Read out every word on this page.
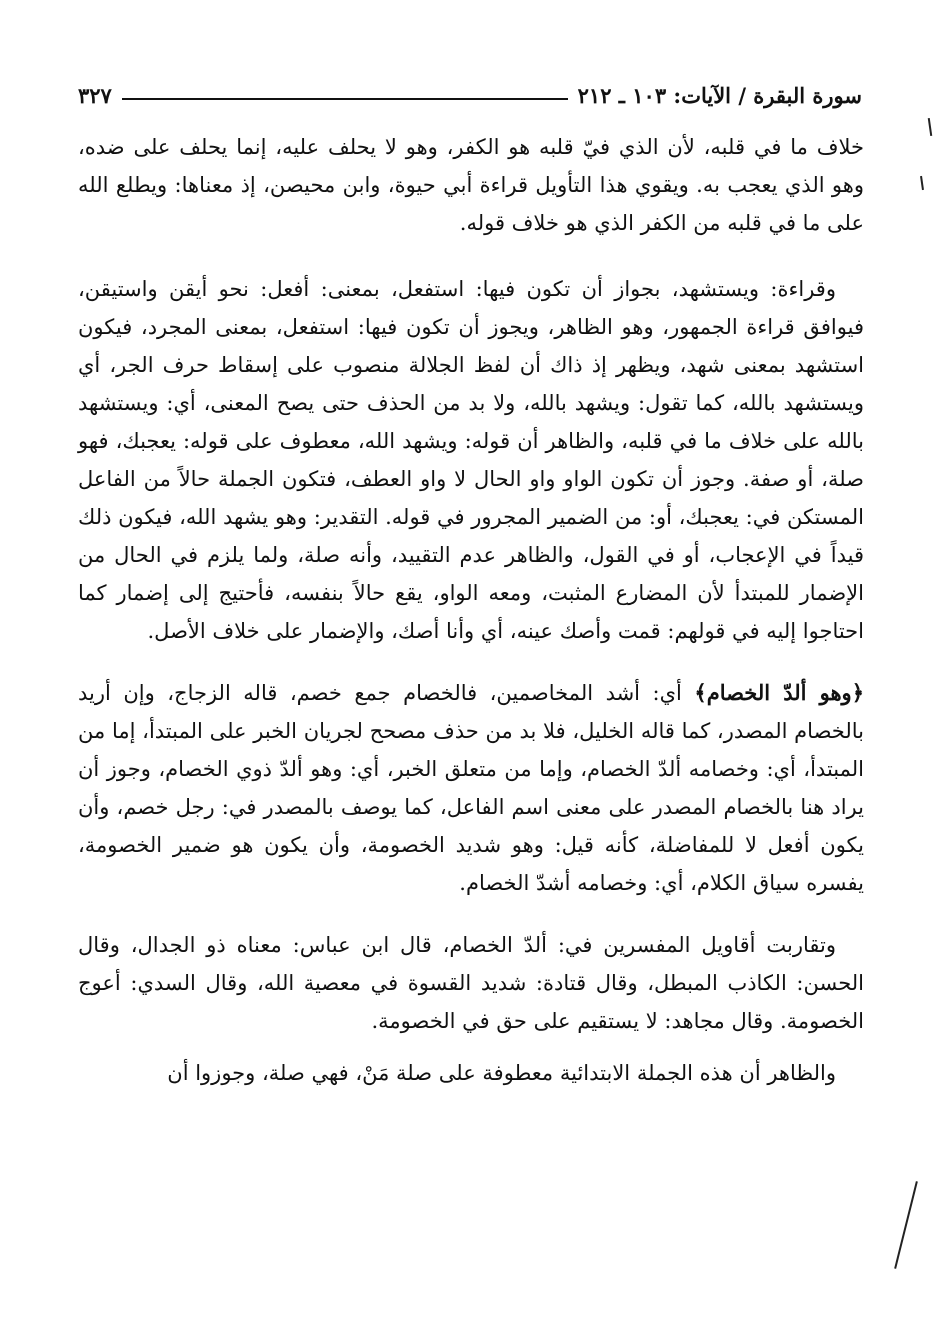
سورة البقرة / الآيات: ١٠٣ ـ ٢١٢
٣٢٧

خلاف ما في قلبه، لأن الذي فيّ قلبه هو الكفر، وهو لا يحلف عليه، إنما يحلف على ضده، وهو الذي يعجب به. ويقوي هذا التأويل قراءة أبي حيوة، وابن محيصن، إذ معناها: ويطلع الله على ما في قلبه من الكفر الذي هو خلاف قوله.

وقراءة: ويستشهد، بجواز أن تكون فيها: استفعل، بمعنى: أفعل: نحو أيقن واستيقن، فيوافق قراءة الجمهور، وهو الظاهر، ويجوز أن تكون فيها: استفعل، بمعنى المجرد، فيكون استشهد بمعنى شهد، ويظهر إذ ذاك أن لفظ الجلالة منصوب على إسقاط حرف الجر، أي ويستشهد بالله، كما تقول: ويشهد بالله، ولا بد من الحذف حتى يصح المعنى، أي: ويستشهد بالله على خلاف ما في قلبه، والظاهر أن قوله: ويشهد الله، معطوف على قوله: يعجبك، فهو صلة، أو صفة. وجوز أن تكون الواو واو الحال لا واو العطف، فتكون الجملة حالاً من الفاعل المستكن في: يعجبك، أو: من الضمير المجرور في قوله. التقدير: وهو يشهد الله، فيكون ذلك قيداً في الإعجاب، أو في القول، والظاهر عدم التقييد، وأنه صلة، ولما يلزم في الحال من الإضمار للمبتدأ لأن المضارع المثبت، ومعه الواو، يقع حالاً بنفسه، فأحتيج إلى إضمار كما احتاجوا إليه في قولهم: قمت وأصك عينه، أي وأنا أصك، والإضمار على خلاف الأصل.

﴿وهو ألدّ الخصام﴾ أي: أشد المخاصمين، فالخصام جمع خصم، قاله الزجاج، وإن أريد بالخصام المصدر، كما قاله الخليل، فلا بد من حذف مصحح لجريان الخبر على المبتدأ، إما من المبتدأ، أي: وخصامه ألدّ الخصام، وإما من متعلق الخبر، أي: وهو ألدّ ذوي الخصام، وجوز أن يراد هنا بالخصام المصدر على معنى اسم الفاعل، كما يوصف بالمصدر في: رجل خصم، وأن يكون أفعل لا للمفاضلة، كأنه قيل: وهو شديد الخصومة، وأن يكون هو ضمير الخصومة، يفسره سياق الكلام، أي: وخصامه أشدّ الخصام.

وتقاربت أقاويل المفسرين في: ألدّ الخصام، قال ابن عباس: معناه ذو الجدال، وقال الحسن: الكاذب المبطل، وقال قتادة: شديد القسوة في معصية الله، وقال السدي: أعوج الخصومة. وقال مجاهد: لا يستقيم على حق في الخصومة.

والظاهر أن هذه الجملة الابتدائية معطوفة على صلة مَنْ، فهي صلة، وجوزوا أن
